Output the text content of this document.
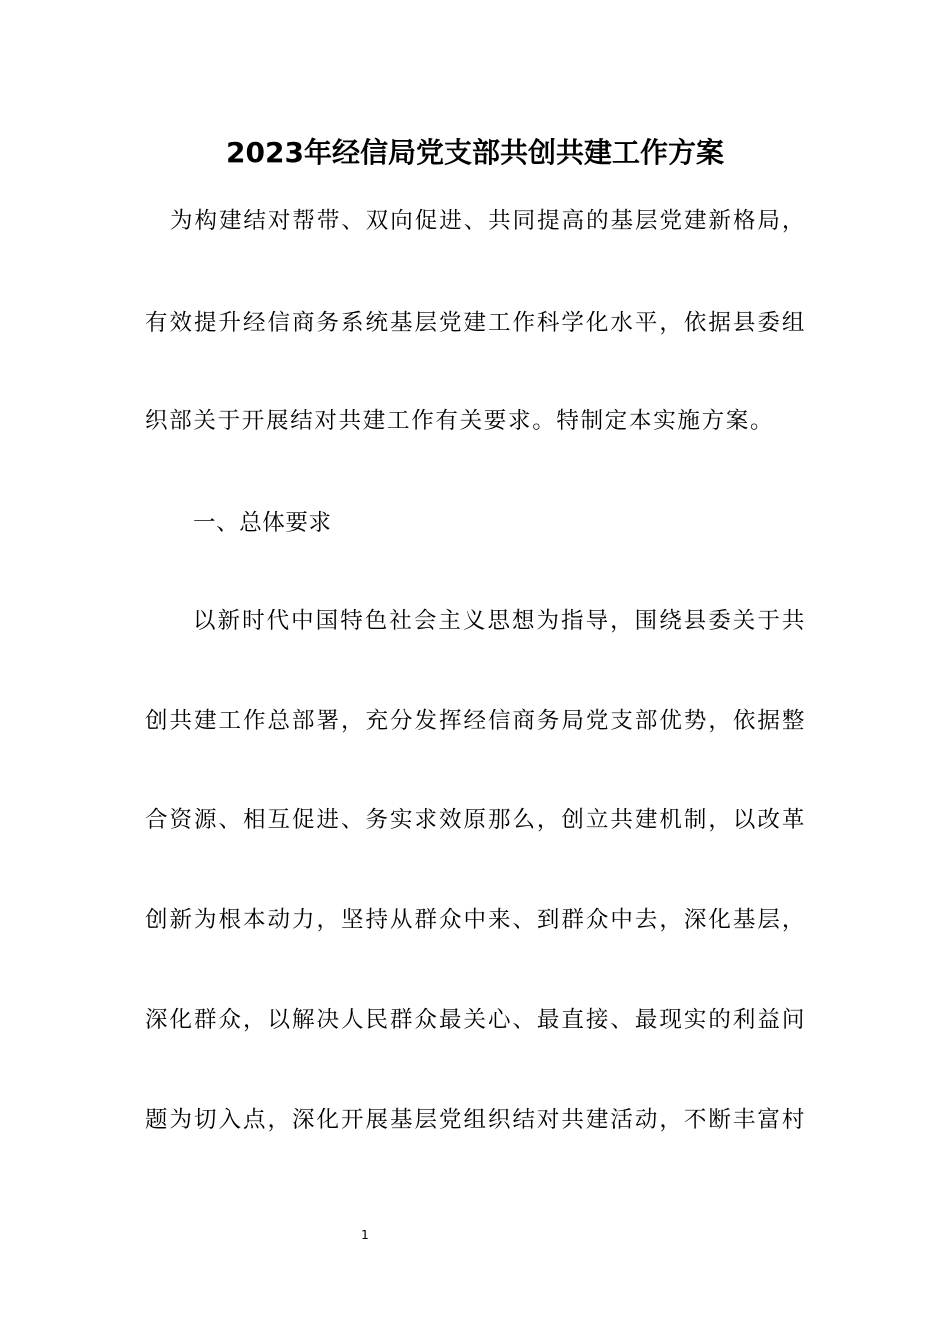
2023年经信局党支部共创共建工作方案
为构建结对帮带、双向促进、共同提高的基层党建新格局，
有效提升经信商务系统基层党建工作科学化水平，依据县委组
织部关于开展结对共建工作有关要求。特制定本实施方案。
一、总体要求
以新时代中国特色社会主义思想为指导，围绕县委关于共
创共建工作总部署，充分发挥经信商务局党支部优势，依据整
合资源、相互促进、务实求效原那么，创立共建机制，以改革
创新为根本动力，坚持从群众中来、到群众中去，深化基层，
深化群众，以解决人民群众最关心、最直接、最现实的利益问
题为切入点，深化开展基层党组织结对共建活动，不断丰富村
1
